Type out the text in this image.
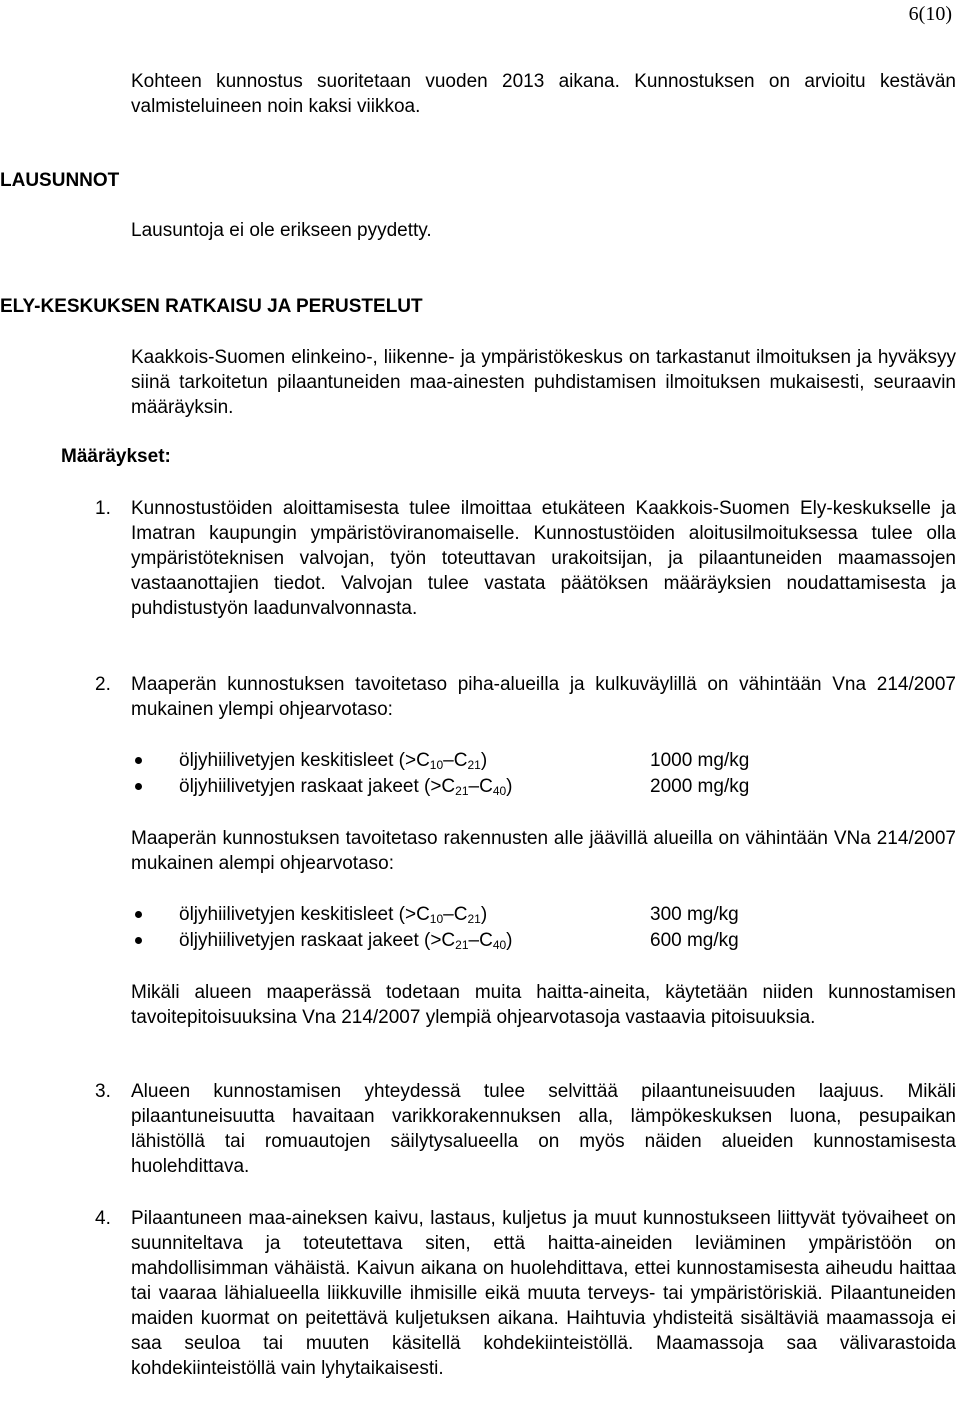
6(10)

Kohteen kunnostus suoritetaan vuoden 2013 aikana. Kunnostuksen on arvioitu kestävän valmisteluineen noin kaksi viikkoa.

LAUSUNNOT

Lausuntoja ei ole erikseen pyydetty.

ELY-KESKUKSEN RATKAISU JA PERUSTELUT

Kaakkois-Suomen elinkeino-, liikenne- ja ympäristökeskus on tarkastanut ilmoituksen ja hyväksyy siinä tarkoitetun pilaantuneiden maa-ainesten puhdistamisen ilmoituksen mukaisesti, seuraavin määräyksin.

Määräykset:
1. Kunnostustöiden aloittamisesta tulee ilmoittaa etukäteen Kaakkois-Suomen Ely-keskukselle ja Imatran kaupungin ympäristöviranomaiselle. Kunnostustöiden aloitusilmoituksessa tulee olla ympäristöteknisen valvojan, työn toteuttavan urakoitsijan, ja pilaantuneiden maamassojen vastaanottajien tiedot. Valvojan tulee vastata päätöksen määräyksien noudattamisesta ja puhdistustyön laadunvalvonnasta.

2. Maaperän kunnostuksen tavoitetaso piha-alueilla ja kulkuväylillä on vähintään Vna 214/2007 mukainen ylempi ohjearvotaso:

öljyhiilivetyjen keskitisleet $(>C_{10}-C_{21})$	1000 mg/kg
öljyhiilivetyjen raskaat jakeet $(>C_{21}-C_{40})$	2000 mg/kg

Maaperän kunnostuksen tavoitetaso rakennusten alle jäävillä alueilla on vähintään VNa 214/2007 mukainen alempi ohjearvotaso:

öljyhiilivetyjen keskitisleet $(>C_{10}-C_{21})$	300 mg/kg
öljyhiilivetyjen raskaat jakeet $(>C_{21}-C_{40})$	600 mg/kg

Mikäli alueen maaperässä todetaan muita haitta-aineita, käytetään niiden kunnostamisen tavoitepitoisuuksina Vna 214/2007 ylempiä ohjearvotasoja vastaavia pitoisuuksia.

3. Alueen kunnostamisen yhteydessä tulee selvittää pilaantuneisuuden laajuus. Mikäli pilaantuneisuutta havaitaan varikkorakennuksen alla, lämpökeskuksen luona, pesupaikan lähistöllä tai romuautojen säilytysalueella on myös näiden alueiden kunnostamisesta huolehdittava.

4. Pilaantuneen maa-aineksen kaivu, lastaus, kuljetus ja muut kunnostukseen liittyvät työvaiheet on suunniteltava ja toteutettava siten, että haitta-aineiden leviäminen ympäristöön on mahdollisimman vähäistä. Kaivun aikana on huolehdittava, ettei kunnostamisesta aiheudu haittaa tai vaaraa lähialueella liikkuville ihmisille eikä muuta terveys- tai ympäristöriskiä. Pilaantuneiden maiden kuormat on peitettävä kuljetuksen aikana. Haihtuvia yhdisteitä sisältäviä maamassoja ei saa seuloa tai muuten käsitellä kohdekiinteistöllä. Maamassoja saa välivarastoida kohdekiinteistöllä vain lyhytaikaisesti.
